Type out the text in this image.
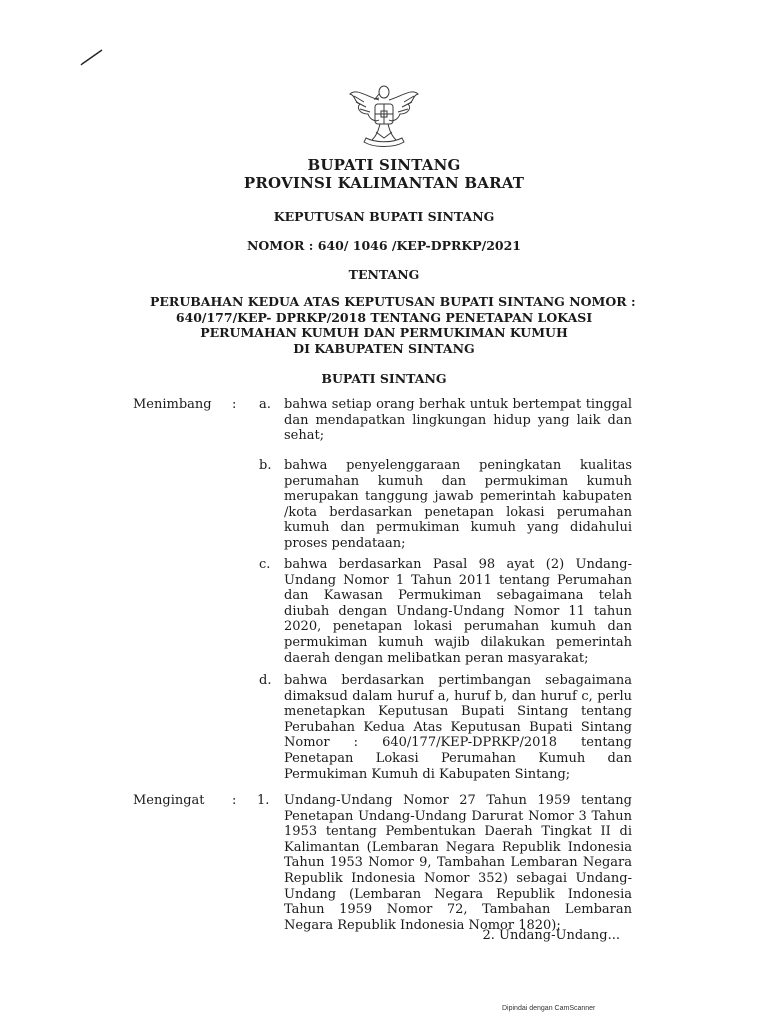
BUPATI SINTANG
PROVINSI KALIMANTAN BARAT
KEPUTUSAN BUPATI SINTANG
NOMOR : 640/ 1046 /KEP-DPRKP/2021
TENTANG
PERUBAHAN KEDUA ATAS KEPUTUSAN BUPATI SINTANG NOMOR :
640/177/KEP- DPRKP/2018 TENTANG PENETAPAN LOKASI
PERUMAHAN KUMUH DAN PERMUKIMAN KUMUH
DI KABUPATEN SINTANG
BUPATI SINTANG
Menimbang : a. bahwa setiap orang berhak untuk bertempat tinggal dan mendapatkan lingkungan hidup yang laik dan sehat;
b. bahwa penyelenggaraan peningkatan kualitas perumahan kumuh dan permukiman kumuh merupakan tanggung jawab pemerintah kabupaten /kota berdasarkan penetapan lokasi perumahan kumuh dan permukiman kumuh yang didahului proses pendataan;
c. bahwa berdasarkan Pasal 98 ayat (2) Undang-Undang Nomor 1 Tahun 2011 tentang Perumahan dan Kawasan Permukiman sebagaimana telah diubah dengan Undang-Undang Nomor 11 tahun 2020, penetapan lokasi perumahan kumuh dan permukiman kumuh wajib dilakukan pemerintah daerah dengan melibatkan peran masyarakat;
d. bahwa berdasarkan pertimbangan sebagaimana dimaksud dalam huruf a, huruf b, dan huruf c, perlu menetapkan Keputusan Bupati Sintang tentang Perubahan Kedua Atas Keputusan Bupati Sintang Nomor : 640/177/KEP-DPRKP/2018 tentang Penetapan Lokasi Perumahan Kumuh dan Permukiman Kumuh di Kabupaten Sintang;
Mengingat : 1. Undang-Undang Nomor 27 Tahun 1959 tentang Penetapan Undang-Undang Darurat Nomor 3 Tahun 1953 tentang Pembentukan Daerah Tingkat II di Kalimantan (Lembaran Negara Republik Indonesia Tahun 1953 Nomor 9, Tambahan Lembaran Negara Republik Indonesia Nomor 352) sebagai Undang-Undang (Lembaran Negara Republik Indonesia Tahun 1959 Nomor 72, Tambahan Lembaran Negara Republik Indonesia Nomor 1820);
2. Undang-Undang...
Dipindai dengan CamScanner
